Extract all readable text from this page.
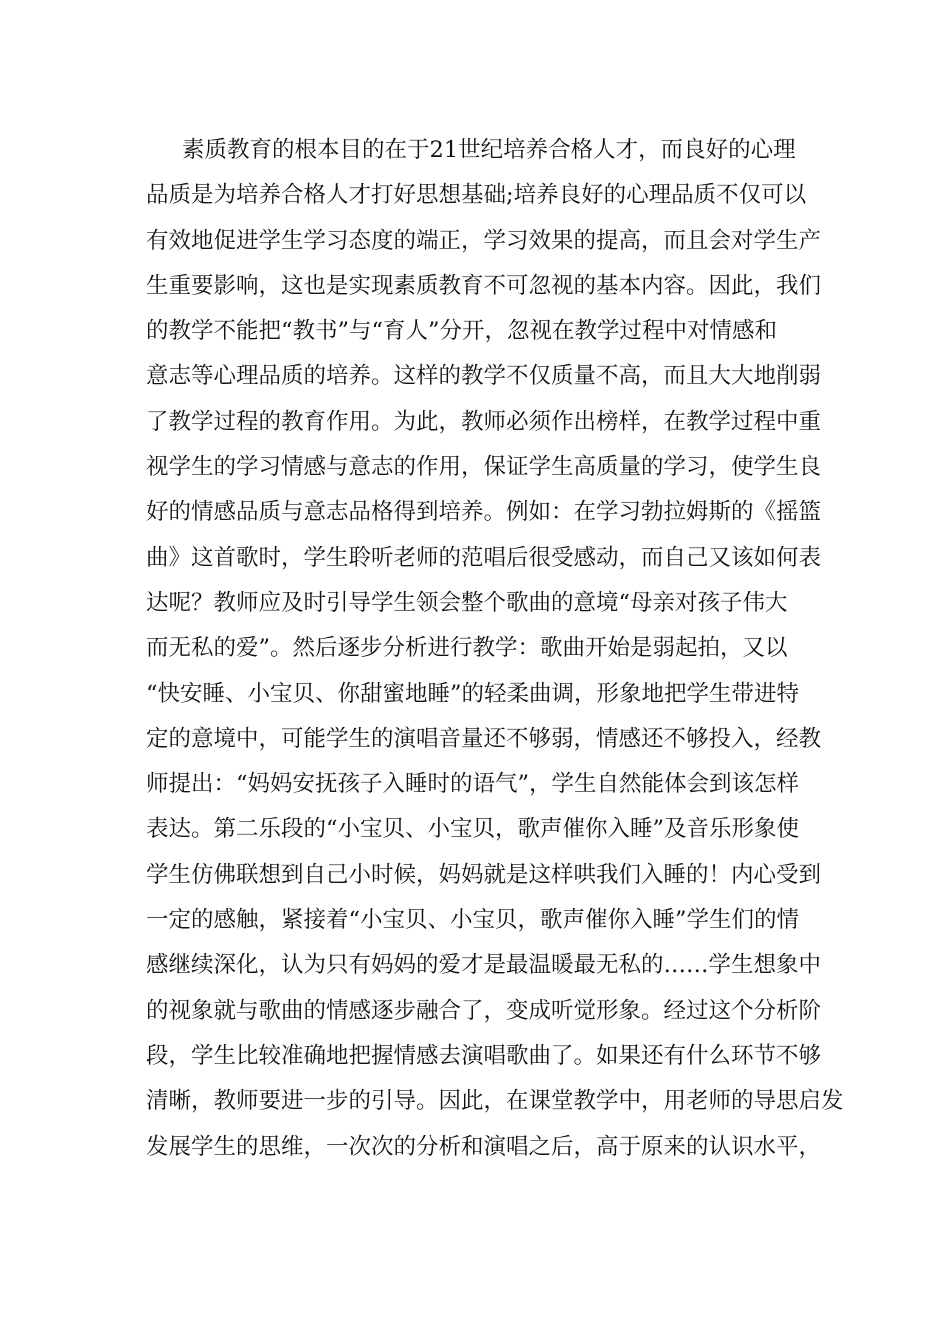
素质教育的根本目的在于21世纪培养合格人才，而良好的心理
品质是为培养合格人才打好思想基础;培养良好的心理品质不仅可以
有效地促进学生学习态度的端正，学习效果的提高，而且会对学生产
生重要影响，这也是实现素质教育不可忽视的基本内容。因此，我们
的教学不能把“教书”与“育人”分开，忽视在教学过程中对情感和
意志等心理品质的培养。这样的教学不仅质量不高，而且大大地削弱
了教学过程的教育作用。为此，教师必须作出榜样，在教学过程中重
视学生的学习情感与意志的作用，保证学生高质量的学习，使学生良
好的情感品质与意志品格得到培养。例如：在学习勃拉姆斯的《摇篮
曲》这首歌时，学生聆听老师的范唱后很受感动，而自己又该如何表
达呢？教师应及时引导学生领会整个歌曲的意境“母亲对孩子伟大
而无私的爱”。然后逐步分析进行教学：歌曲开始是弱起拍，又以
“快安睡、小宝贝、你甜蜜地睡”的轻柔曲调，形象地把学生带进特
定的意境中，可能学生的演唱音量还不够弱，情感还不够投入，经教
师提出：“妈妈安抚孩子入睡时的语气”，学生自然能体会到该怎样
表达。第二乐段的“小宝贝、小宝贝，歌声催你入睡”及音乐形象使
学生仿佛联想到自己小时候，妈妈就是这样哄我们入睡的！内心受到
一定的感触，紧接着“小宝贝、小宝贝，歌声催你入睡”学生们的情
感继续深化，认为只有妈妈的爱才是最温暖最无私的……学生想象中
的视象就与歌曲的情感逐步融合了，变成听觉形象。经过这个分析阶
段，学生比较准确地把握情感去演唱歌曲了。如果还有什么环节不够
清晰，教师要进一步的引导。因此，在课堂教学中，用老师的导思启发
发展学生的思维，一次次的分析和演唱之后，高于原来的认识水平，
